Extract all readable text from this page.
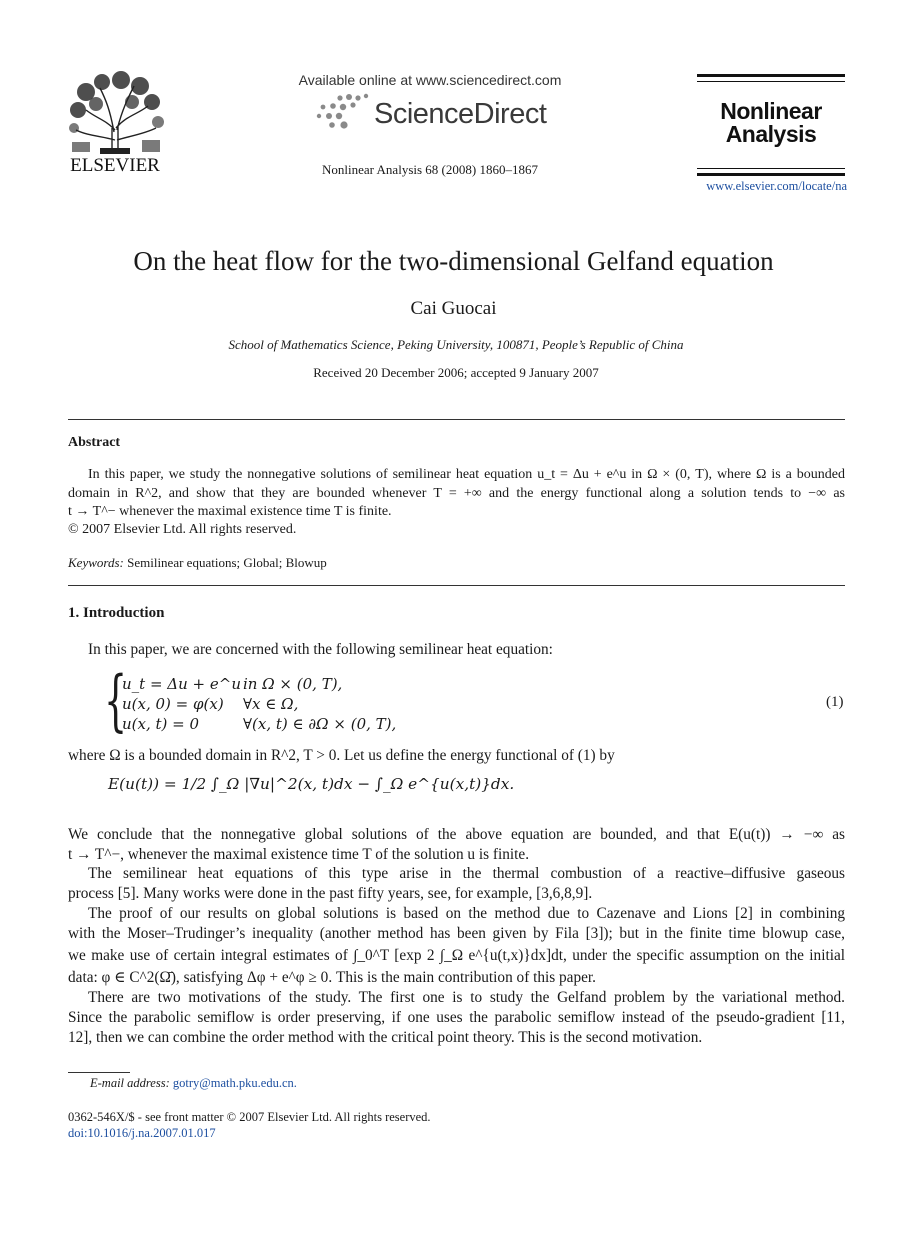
ELSEVIER
Available online at www.sciencedirect.com
ScienceDirect
Nonlinear Analysis 68 (2008) 1860–1867
Nonlinear Analysis
www.elsevier.com/locate/na
On the heat flow for the two-dimensional Gelfand equation
Cai Guocai
School of Mathematics Science, Peking University, 100871, People’s Republic of China
Received 20 December 2006; accepted 9 January 2007
Abstract
In this paper, we study the nonnegative solutions of semilinear heat equation u_t = Δu + e^u in Ω × (0, T), where Ω is a bounded
domain in R^2, and show that they are bounded whenever T = +∞ and the energy functional along a solution tends to −∞ as
t → T^− whenever the maximal existence time T is finite.
© 2007 Elsevier Ltd. All rights reserved.
Keywords: Semilinear equations; Global; Blowup
1. Introduction
In this paper, we are concerned with the following semilinear heat equation:
{
u_t = Δu + e^u in Ω × (0, T),
u(x, 0) = φ(x) ∀x ∈ Ω,
u(x, t) = 0	∀(x, t) ∈ ∂Ω × (0, T),
(1)
where Ω is a bounded domain in R^2, T > 0. Let us define the energy functional of (1) by
E(u(t)) = 1/2 ∫_Ω |∇u|^2(x, t)dx − ∫_Ω e^{u(x,t)}dx.
We conclude that the nonnegative global solutions of the above equation are bounded, and that E(u(t)) → −∞ as
t → T^−, whenever the maximal existence time T of the solution u is finite.
The semilinear heat equations of this type arise in the thermal combustion of a reactive–diffusive gaseous
process [5]. Many works were done in the past fifty years, see, for example, [3,6,8,9].
The proof of our results on global solutions is based on the method due to Cazenave and Lions [2] in combining
with the Moser–Trudinger’s inequality (another method has been given by Fila [3]); but in the finite time blowup case,
we make use of certain integral estimates of ∫_0^T [exp 2 ∫_Ω e^{u(t,x)}dx]dt, under the specific assumption on the initial
data: φ ∈ C^2(Ω̄), satisfying Δφ + e^φ ≥ 0. This is the main contribution of this paper.
There are two motivations of the study. The first one is to study the Gelfand problem by the variational method.
Since the parabolic semiflow is order preserving, if one uses the parabolic semiflow instead of the pseudo-gradient [11,
12], then we can combine the order method with the critical point theory. This is the second motivation.
E-mail address: gotry@math.pku.edu.cn.
0362-546X/$ - see front matter © 2007 Elsevier Ltd. All rights reserved.
doi:10.1016/j.na.2007.01.017
